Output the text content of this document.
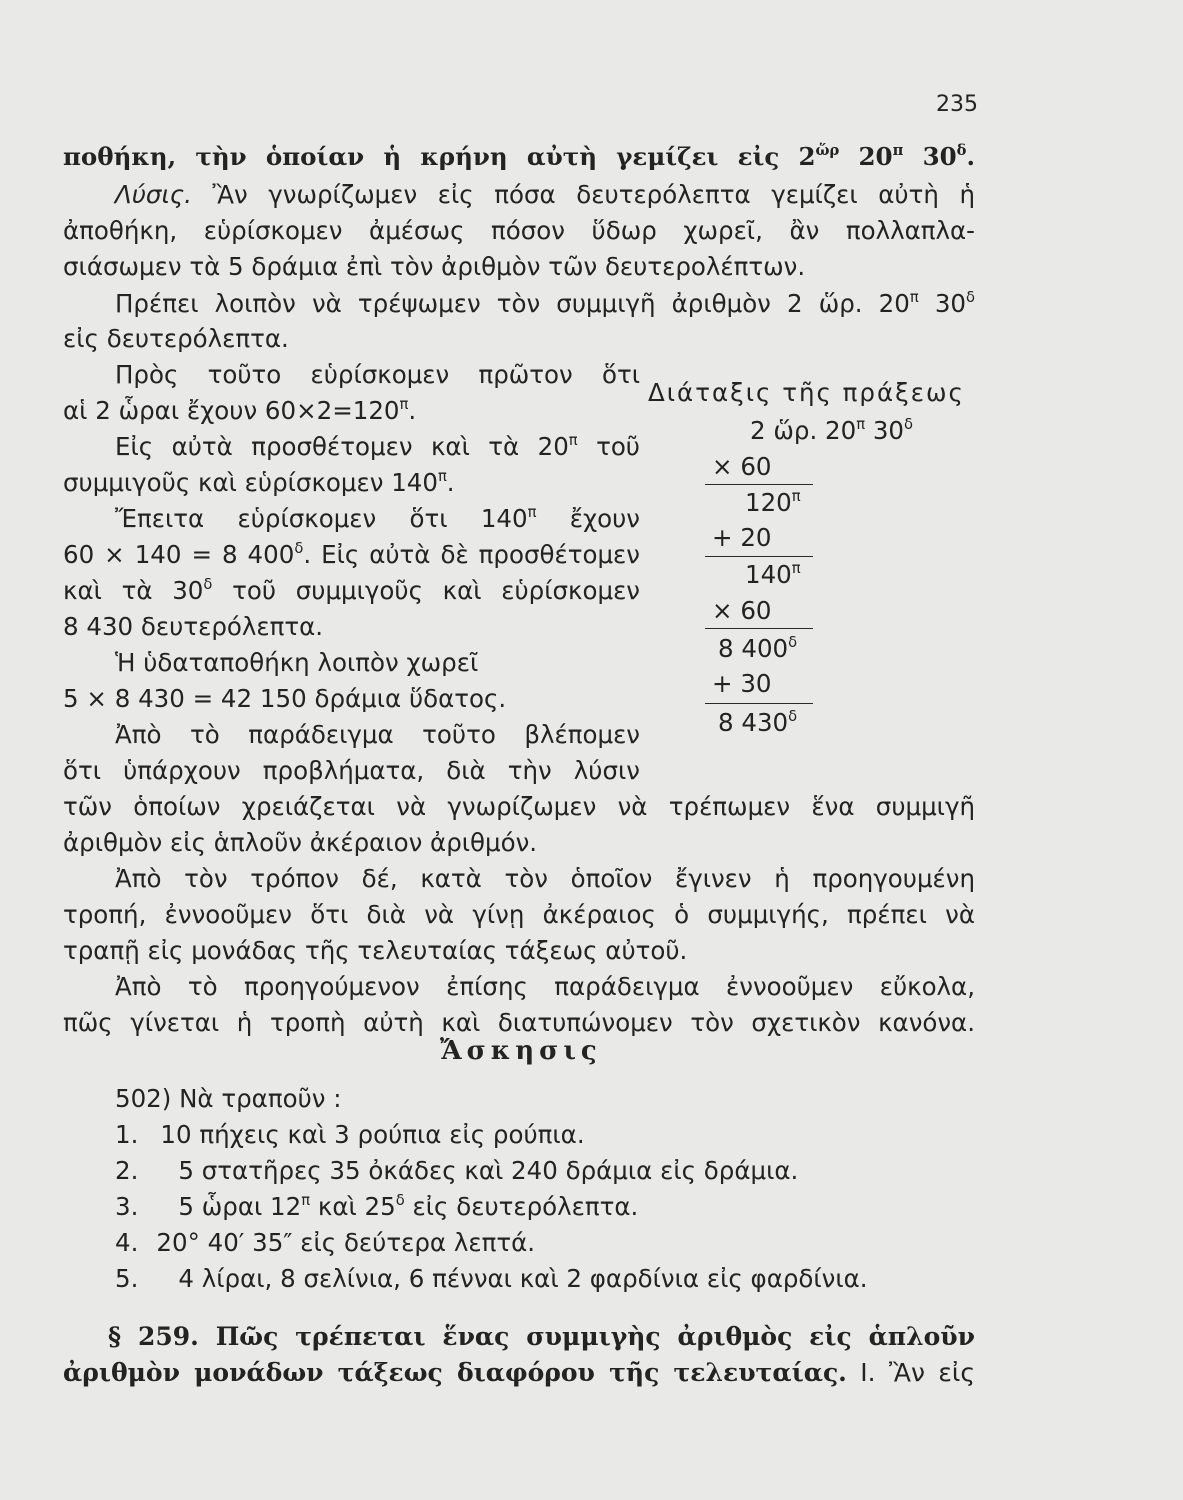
235
ποθήκη, τὴν ὁποίαν ἡ κρήνη αὐτὴ γεμίζει εἰς $2^{ὥ\rho}$ $20^\pi$ $30^\delta$.
Λύσις. Ἂν γνωρίζωμεν εἰς πόσα δευτερόλεπτα γεμίζει αὐτὴ ἡ
ἀποθήκη, εὑρίσκομεν ἀμέσως πόσον ὕδωρ χωρεῖ, ἂν πολλαπλα-
σιάσωμεν τὰ 5 δράμια ἐπὶ τὸν ἀριθμὸν τῶν δευτερολέπτων.
Πρέπει λοιπὸν νὰ τρέψωμεν τὸν συμμιγῆ ἀριθμὸν 2 ὥρ. $20^\pi$ $30^\delta$
εἰς δευτερόλεπτα.
Πρὸς τοῦτο εὑρίσκομεν πρῶτον ὅτι
αἱ 2 ὧραι ἔχουν $60\times 2=120^\pi$.
Εἰς αὐτὰ προσθέτομεν καὶ τὰ $20^\pi$ τοῦ
συμμιγοῦς καὶ εὑρίσκομεν $140^\pi$.
Ἔπειτα εὑρίσκομεν ὅτι $140^\pi$ ἔχουν
60 × 140 = 8 $400^\delta$. Εἰς αὐτὰ δὲ προσθέτομεν
καὶ τὰ $30^\delta$ τοῦ συμμιγοῦς καὶ εὑρίσκομεν
8 430 δευτερόλεπτα.
Ἡ ὑδαταποθήκη λοιπὸν χωρεῖ
5 × 8 430 = 42 150 δράμια ὕδατος.
Ἀπὸ τὸ παράδειγμα τοῦτο βλέπομεν
ὅτι ὑπάρχουν προβλήματα, διὰ τὴν λύσιν
Διάταξις τῆς πράξεως
2 ὥρ. $20^\pi$ $30^\delta$
× 60
$120^\pi$
+ 20
$140^\pi$
× 60
8 $400^\delta$
+ 30
8 $430^\delta$
τῶν ὁποίων χρειάζεται νὰ γνωρίζωμεν νὰ τρέπωμεν ἕνα συμμιγῆ
ἀριθμὸν εἰς ἁπλοῦν ἀκέραιον ἀριθμόν.
Ἀπὸ τὸν τρόπον δέ, κατὰ τὸν ὁποῖον ἔγινεν ἡ προηγουμένη
τροπή, ἐννοοῦμεν ὅτι διὰ νὰ γίνῃ ἀκέραιος ὁ συμμιγής, πρέπει νὰ
τραπῇ εἰς μονάδας τῆς τελευταίας τάξεως αὐτοῦ.
Ἀπὸ τὸ προηγούμενον ἐπίσης παράδειγμα ἐννοοῦμεν εὔκολα,
πῶς γίνεται ἡ τροπὴ αὐτὴ καὶ διατυπώνομεν τὸν σχετικὸν κανόνα.
Ἄσκησις
502) Νὰ τραποῦν :
1. 10 πήχεις καὶ 3 ρούπια εἰς ρούπια.
2. 5 στατῆρες 35 ὀκάδες καὶ 240 δράμια εἰς δράμια.
3. 5 ὧραι $12^\pi$ καὶ $25^\delta$ εἰς δευτερόλεπτα.
4. 20° 40′ 35″ εἰς δεύτερα λεπτά.
5. 4 λίραι, 8 σελίνια, 6 πένναι καὶ 2 φαρδίνια εἰς φαρδίνια.
§ 259. Πῶς τρέπεται ἕνας συμμιγὴς ἀριθμὸς εἰς ἁπλοῦν
ἀριθμὸν μονάδων τάξεως διαφόρου τῆς τελευταίας. I. Ἂν εἰς
